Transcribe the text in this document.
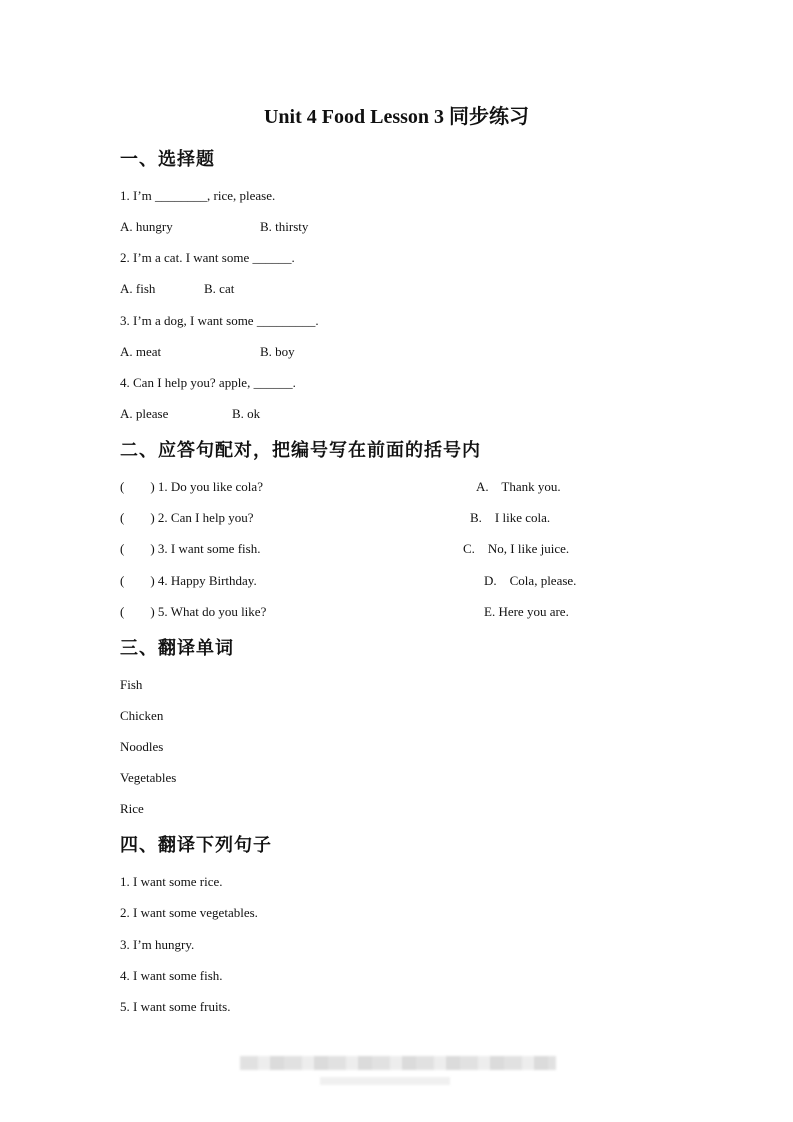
Unit 4 Food Lesson 3 同步练习
一、选择题
1. I’m ________, rice, please.
A. hungry	B. thirsty
2. I’m a cat. I want some ______.
A. fish	B. cat
3. I’m a dog, I want some _________.
A. meat	B. boy
4. Can I help you? apple, ______.
A. please	B. ok
二、应答句配对，把编号写在前面的括号内
(        ) 1. Do you like cola?	A.    Thank you.
(        ) 2. Can I help you?	B.    I like cola.
(        ) 3. I want some fish.	C.    No, I like juice.
(        ) 4. Happy Birthday.	D.    Cola, please.
(        ) 5. What do you like?	E. Here you are.
三、翻译单词
Fish
Chicken
Noodles
Vegetables
Rice
四、翻译下列句子
1. I want some rice.
2. I want some vegetables.
3. I’m hungry.
4. I want some fish.
5. I want some fruits.
